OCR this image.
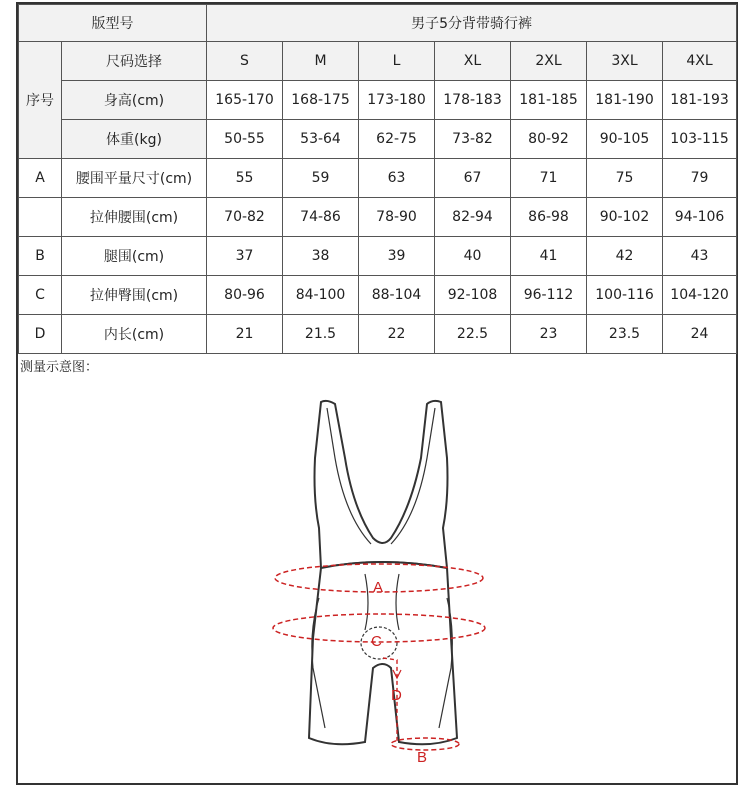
版型号		男子5分背带骑行裤						
序号	尺码选择	S	M	L	XL	2XL	3XL	4XL
	身高(cm)	165-170	168-175	173-180	178-183	181-185	181-190	181-193
	体重(kg)	50-55	53-64	62-75	73-82	80-92	90-105	103-115
A	腰围平量尺寸(cm)	55	59	63	67	71	75	79
	拉伸腰围(cm)	70-82	74-86	78-90	82-94	86-98	90-102	94-106
B	腿围(cm)	37	38	39	40	41	42	43
C	拉伸臀围(cm)	80-96	84-100	88-104	92-108	96-112	100-116	104-120
D	内长(cm)	21	21.5	22	22.5	23	23.5	24
测量示意图：
A
C
D
B
